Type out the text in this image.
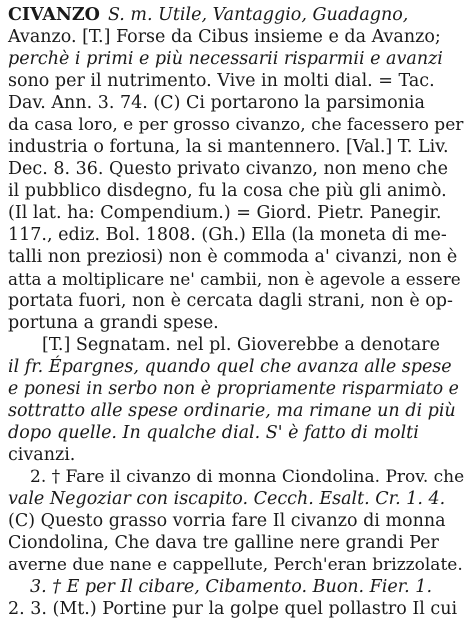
CIVANZO S. m. Utile, Vantaggio, Guadagno,
Avanzo. [T.] Forse da Cibus insieme e da Avanzo;
perchè i primi e più necessarii risparmii e avanzi
sono per il nutrimento. Vive in molti dial. = Tac.
Dav. Ann. 3. 74. (C) Ci portarono la parsimonia
da casa loro, e per grosso civanzo, che facessero per
industria o fortuna, la si mantennero. [Val.] T. Liv.
Dec. 8. 36. Questo privato civanzo, non meno che
il pubblico disdegno, fu la cosa che più gli animò.
(Il lat. ha: Compendium.) = Giord. Pietr. Panegir.
117., ediz. Bol. 1808. (Gh.) Ella (la moneta di me-
talli non preziosi) non è commoda a' civanzi, non è
atta a moltiplicare ne' cambii, non è agevole a essere
portata fuori, non è cercata dagli strani, non è op-
portuna a grandi spese.
[T.] Segnatam. nel pl. Gioverebbe a denotare
il fr. Épargnes, quando quel che avanza alle spese
e ponesi in serbo non è propriamente risparmiato e
sottratto alle spese ordinarie, ma rimane un di più
dopo quelle. In qualche dial. S' è fatto di molti
civanzi.
2. † Fare il civanzo di monna Ciondolina. Prov. che
vale Negoziar con iscapito. Cecch. Esalt. Cr. 1. 4.
(C) Questo grasso vorria fare Il civanzo di monna
Ciondolina, Che dava tre galline nere grandi Per
averne due nane e cappellute, Perch'eran brizzolate.
3. † E per Il cibare, Cibamento. Buon. Fier. 1.
2. 3. (Mt.) Portine pur la golpe quel pollastro Il cui
